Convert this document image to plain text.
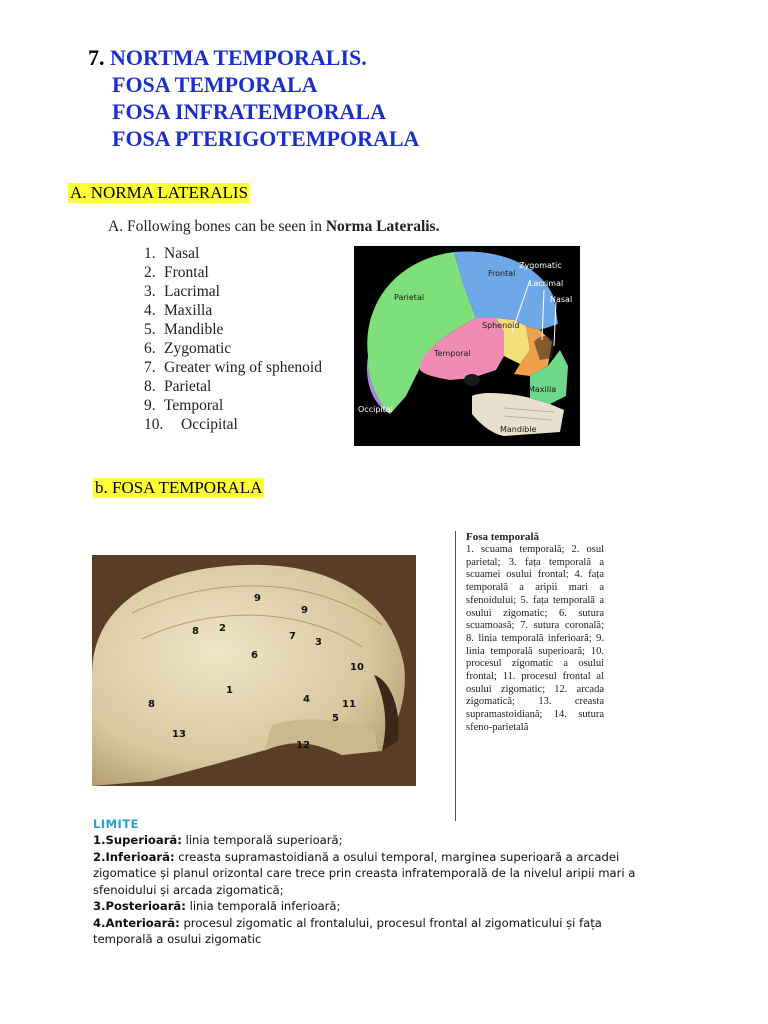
7. NORTMA TEMPORALIS.
FOSA TEMPORALA
FOSA INFRATEMPORALA
FOSA PTERIGOTEMPORALA
A. NORMA LATERALIS
A. Following bones can be seen in Norma Lateralis.
1. Nasal
2. Frontal
3. Lacrimal
4. Maxilla
5. Mandible
6. Zygomatic
7. Greater wing of sphenoid
8. Parietal
9. Temporal
10. Occipital
Frontal
Zygomatic
Lacrimal
Nasal
Parietal
Sphenoid
Temporal
Maxilla
Occipital
Mandible
b. FOSA TEMPORALA
9
9
8 2
7
3
6
10
1
8	4	11
5
13
12
Fosa temporală
1. scuama temporală; 2. osul parietal; 3. fața temporală a scuamei osului frontal; 4. fața temporală a aripii mari a sfenoidului; 5. fața temporală a osului zigomatic; 6. sutura scuamoasă; 7. sutura coronală; 8. linia temporală inferioară; 9. linia temporală superioară; 10. procesul zigomatic a osului frontal; 11. procesul frontal al osului zigomatic; 12. arcada zigomatică; 13. creasta supramastoidiană; 14. sutura sfeno-parietală
LIMITE
1.Superioară: linia temporală superioară;
2.Inferioară: creasta supramastoidiană a osului temporal, marginea superioară a arcadei zigomatice și planul orizontal care trece prin creasta infratemporală de la nivelul aripii mari a sfenoidului și arcada zigomatică;
3.Posterioară: linia temporală inferioară;
4.Anterioară: procesul zigomatic al frontalului, procesul frontal al zigomaticului și fața temporală a osului zigomatic
